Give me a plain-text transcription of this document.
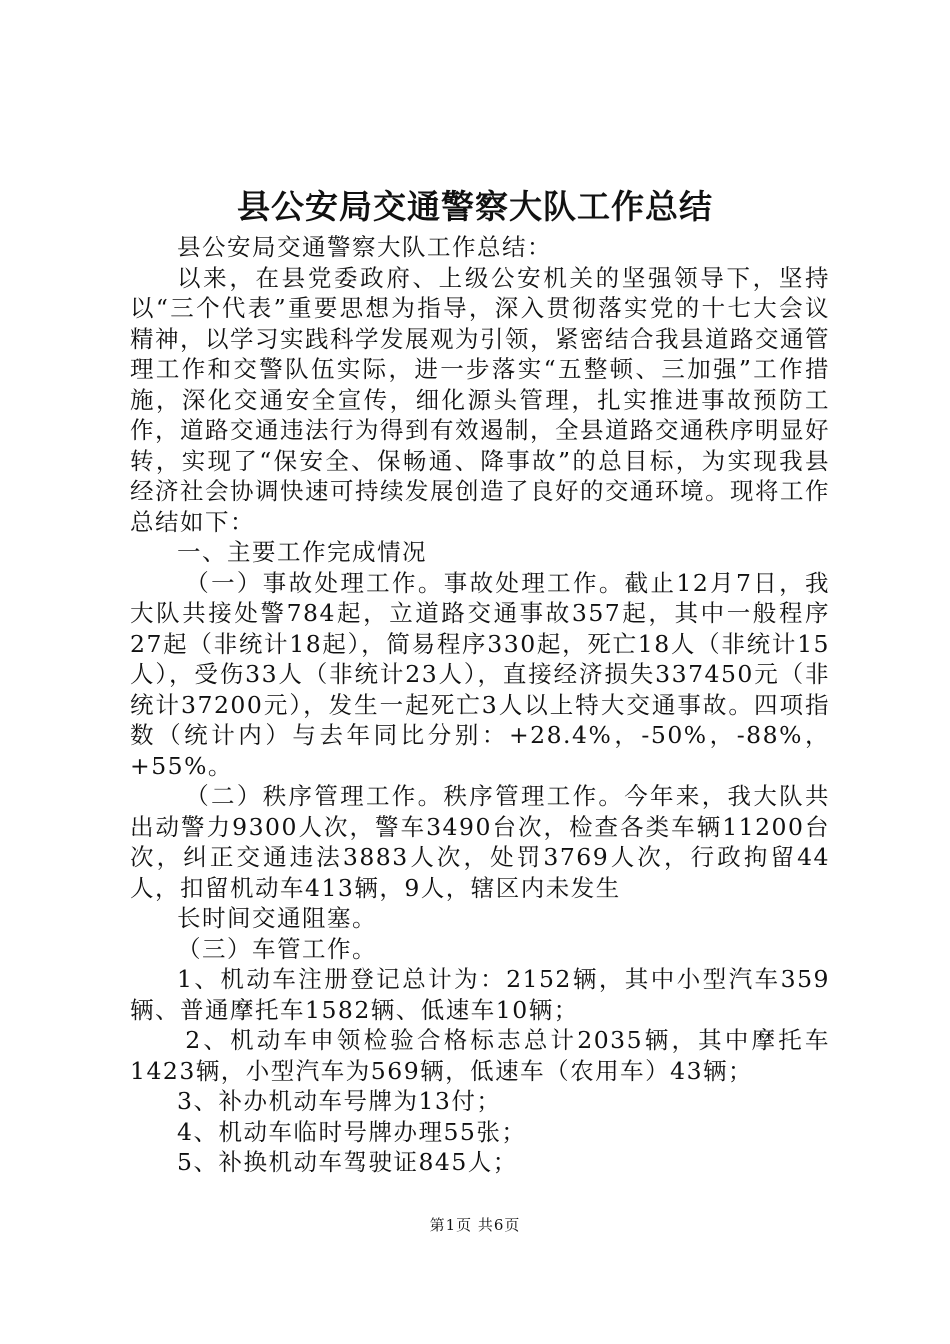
县公安局交通警察大队工作总结

县公安局交通警察大队工作总结：

以来，在县党委政府、上级公安机关的坚强领导下，坚持以“三个代表”重要思想为指导，深入贯彻落实党的十七大会议精神，以学习实践科学发展观为引领，紧密结合我县道路交通管理工作和交警队伍实际，进一步落实“五整顿、三加强”工作措施，深化交通安全宣传，细化源头管理，扎实推进事故预防工作，道路交通违法行为得到有效遏制，全县道路交通秩序明显好转，实现了“保安全、保畅通、降事故”的总目标，为实现我县经济社会协调快速可持续发展创造了良好的交通环境。现将工作总结如下：

一、主要工作完成情况

（一）事故处理工作。事故处理工作。截止12月7日，我大队共接处警784起，立道路交通事故357起，其中一般程序27起（非统计18起），简易程序330起，死亡18人（非统计15人），受伤33人（非统计23人），直接经济损失337450元（非统计37200元），发生一起死亡3人以上特大交通事故。四项指数（统计内）与去年同比分别：+28.4%，-50%，-88%，+55%。

（二）秩序管理工作。秩序管理工作。今年来，我大队共出动警力9300人次，警车3490台次，检查各类车辆11200台次，纠正交通违法3883人次，处罚3769人次，行政拘留44人，扣留机动车413辆，9人，辖区内未发生

长时间交通阻塞。

（三）车管工作。

1、机动车注册登记总计为：2152辆，其中小型汽车359辆、普通摩托车1582辆、低速车10辆；

2、机动车申领检验合格标志总计2035辆，其中摩托车1423辆，小型汽车为569辆，低速车（农用车）43辆；

3、补办机动车号牌为13付；

4、机动车临时号牌办理55张；

5、补换机动车驾驶证845人；

第1页 共6页
